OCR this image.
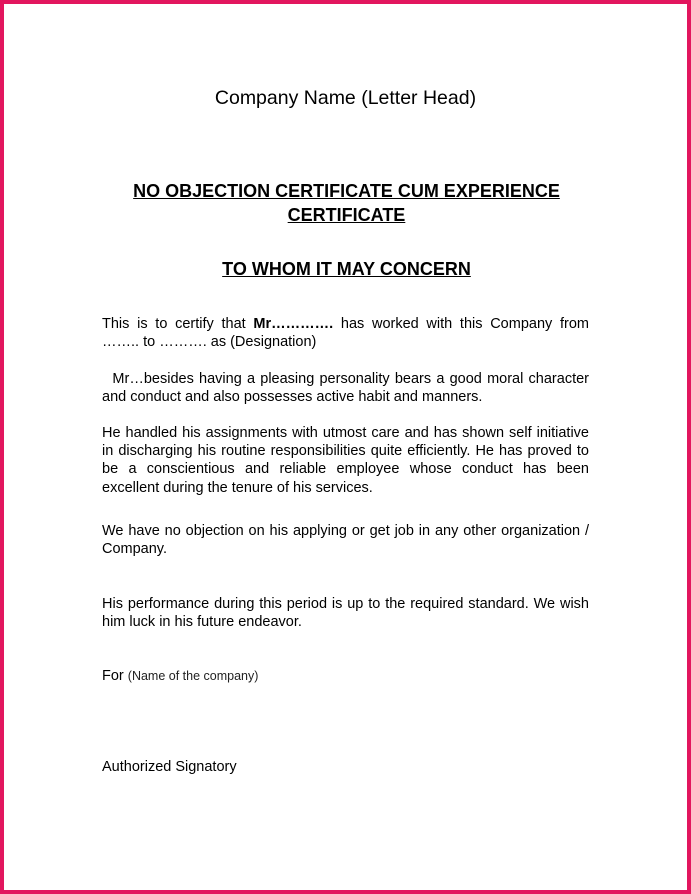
Company Name (Letter Head)
NO OBJECTION CERTIFICATE CUM EXPERIENCE
CERTIFICATE
TO WHOM IT MAY CONCERN

This is to certify that Mr…………. has worked with this Company from …….. to ………. as (Designation)

Mr…besides having a pleasing personality bears a good moral character and conduct and also possesses active habit and manners.

He handled his assignments with utmost care and has shown self initiative in discharging his routine responsibilities quite efficiently. He has proved to be a conscientious and reliable employee whose conduct has been excellent during the tenure of his services.

We have no objection on his applying or get job in any other organization / Company.

His performance during this period is up to the required standard. We wish him luck in his future endeavor.

For (Name of the company)
Authorized Signatory
